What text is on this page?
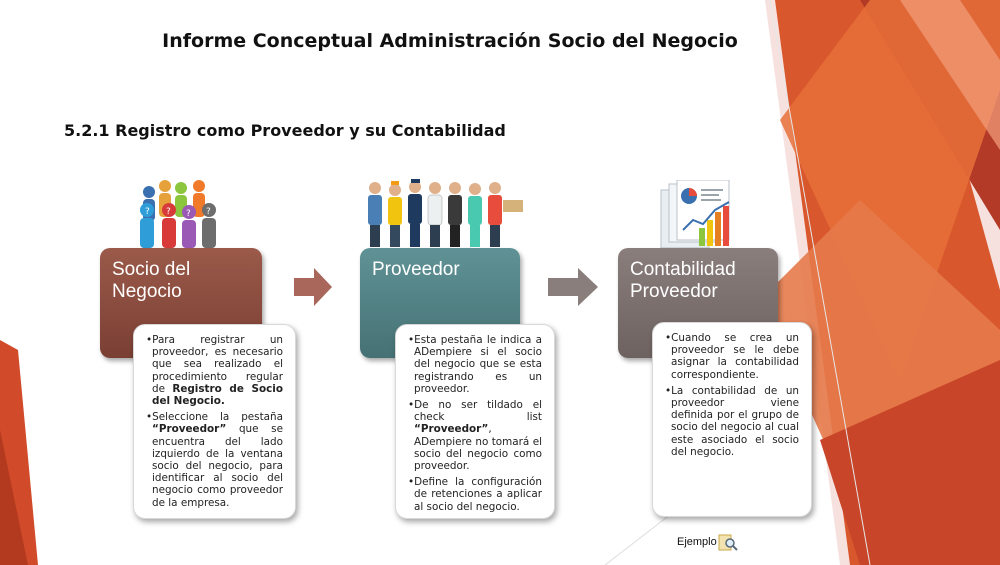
Informe Conceptual Administración Socio del Negocio
5.2.1 Registro como Proveedor y su Contabilidad
? ? ? ?
Socio del Negocio
Proveedor	Contabilidad Proveedor

•Para registrar un proveedor, es necesario que sea realizado el procedimiento regular de Registro de Socio del Negocio.

•Seleccione la pestaña “Proveedor” que se encuentra del lado izquierdo de la ventana socio del negocio, para identificar al socio del negocio como proveedor de la empresa.

•Esta pestaña le indica a ADempiere si el socio del negocio que se esta registrando es un proveedor.

•De no ser tildado el check list “Proveedor”, ADempiere no tomará el socio del negocio como proveedor.

•Define la configuración de retenciones a aplicar al socio del negocio.

•Cuando se crea un proveedor se le debe asignar la contabilidad correspondiente.

•La contabilidad de un proveedor viene definida por el grupo de socio del negocio al cual este asociado el socio del negocio.

Ejemplo
